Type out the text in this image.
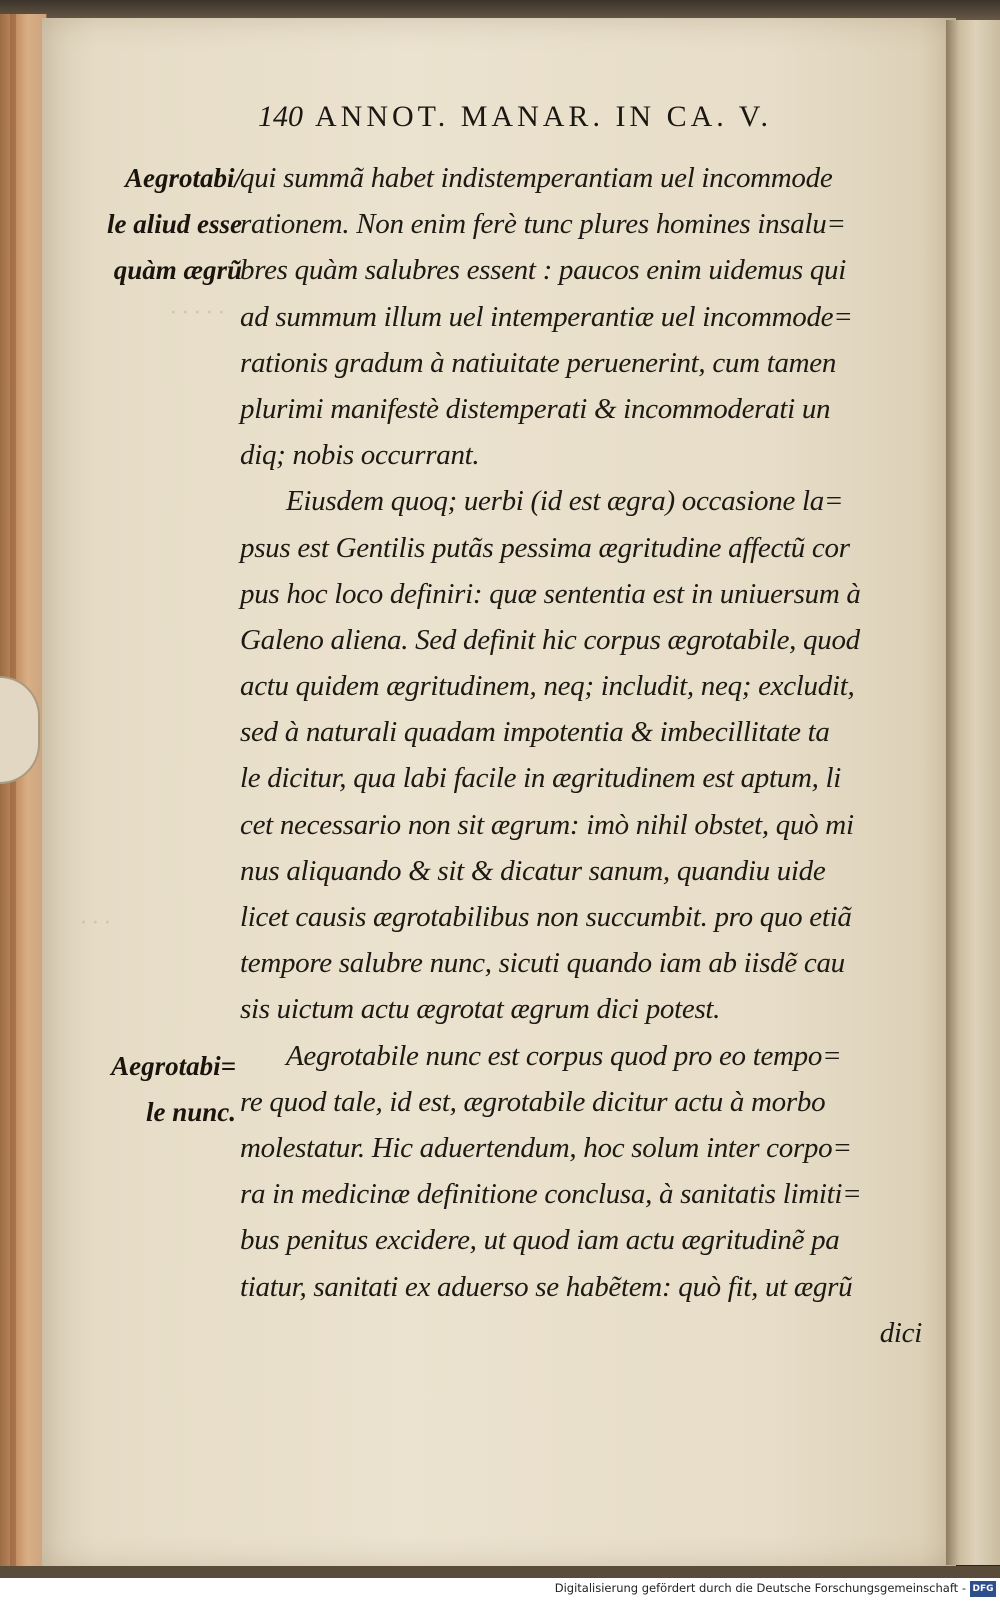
· · · · ·
· · ·
140 ANNOT. MANAR. IN CA. V.
Aegrotabi/
le aliud esse
quàm ægrũ
Aegrotabi=
le nunc.
qui summã habet indistemperantiam uel incommode
rationem. Non enim ferè tunc plures homines insalu=
bres quàm salubres essent : paucos enim uidemus qui
ad summum illum uel intemperantiæ uel incommode=
rationis gradum à natiuitate peruenerint, cum tamen
plurimi manifestè distemperati & incommoderati un
diq; nobis occurrant.
Eiusdem quoq; uerbi (id est ægra) occasione la=
psus est Gentilis putãs pessima ægritudine affectũ cor
pus hoc loco definiri: quæ sententia est in uniuersum à
Galeno aliena. Sed definit hic corpus ægrotabile, quod
actu quidem ægritudinem, neq; includit, neq; excludit,
sed à naturali quadam impotentia & imbecillitate ta
le dicitur, qua labi facile in ægritudinem est aptum, li
cet necessario non sit ægrum: imò nihil obstet, quò mi
nus aliquando & sit & dicatur sanum, quandiu uide
licet causis ægrotabilibus non succumbit. pro quo etiã
tempore salubre nunc, sicuti quando iam ab iisdẽ cau
sis uictum actu ægrotat ægrum dici potest.
Aegrotabile nunc est corpus quod pro eo tempo=
re quod tale, id est, ægrotabile dicitur actu à morbo
molestatur. Hic aduertendum, hoc solum inter corpo=
ra in medicinæ definitione conclusa, à sanitatis limiti=
bus penitus excidere, ut quod iam actu ægritudinẽ pa
tiatur, sanitati ex aduerso se habẽtem: quò fit, ut ægrũ
dici
Digitalisierung gefördert durch die Deutsche Forschungsgemeinschaft - DFG
